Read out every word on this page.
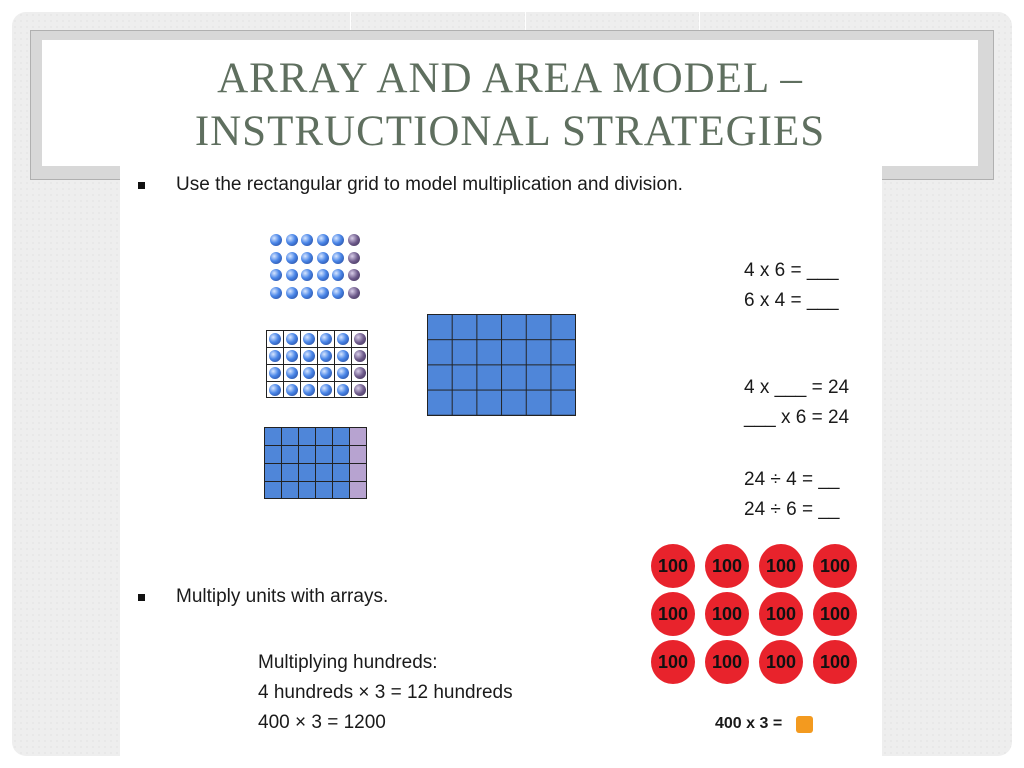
ARRAY AND AREA MODEL –
INSTRUCTIONAL STRATEGIES
Use the rectangular grid to model multiplication and division.
4 x 6 = ___
6 x 4 = ___
4 x ___ = 24
___ x 6 = 24
24 ÷ 4 = __
24 ÷ 6 = __
Multiply units with arrays.
Multiplying hundreds:
4 hundreds × 3 = 12 hundreds
400 × 3 = 1200
100	100	100	100
100	100	100	100
100	100	100	100
400 x 3 =
